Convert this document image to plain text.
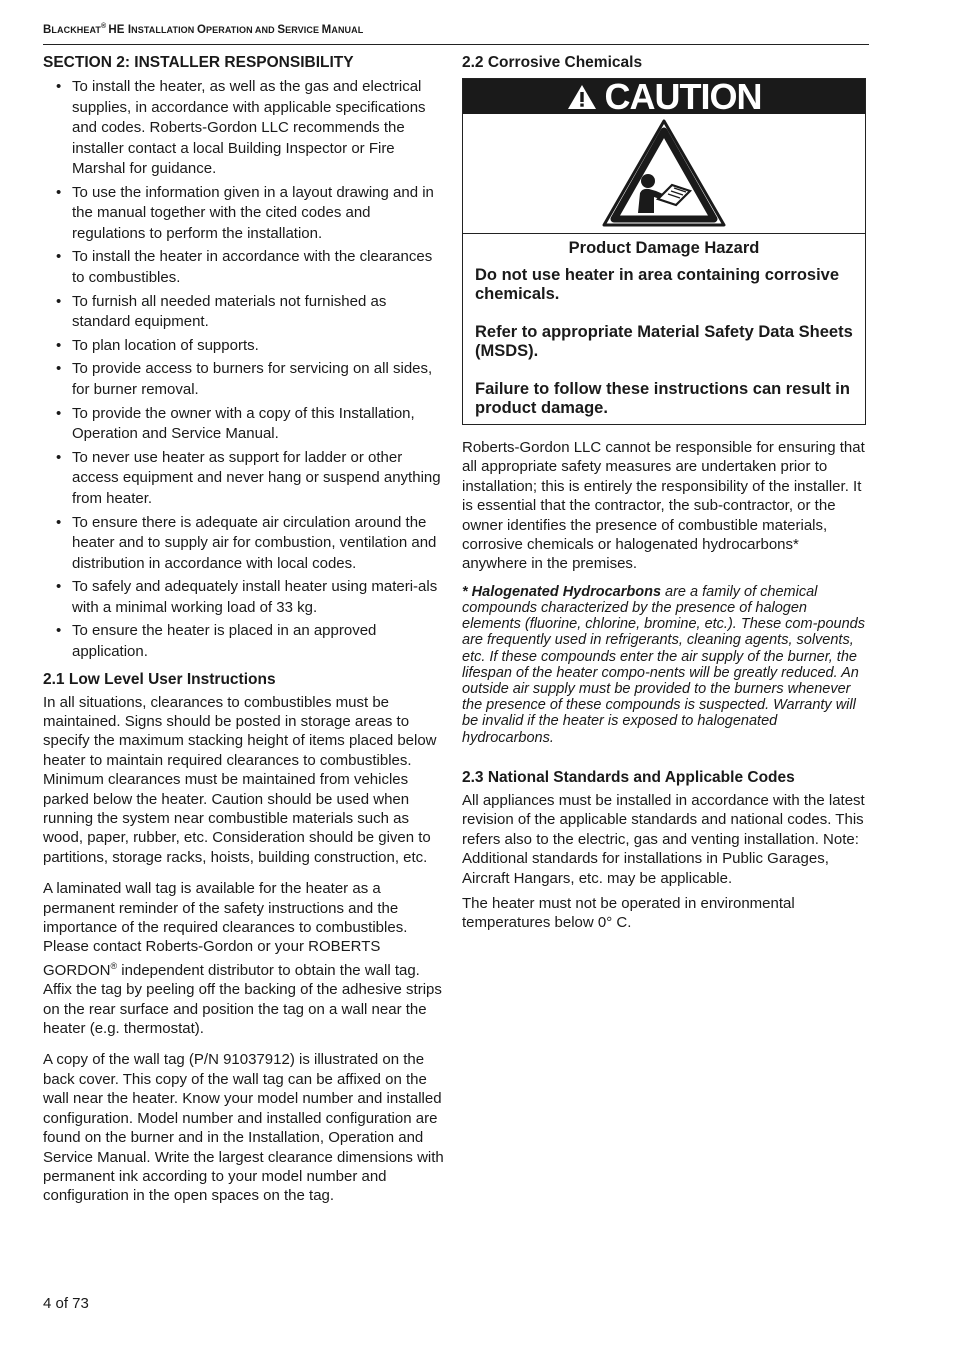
BLACKHEAT® HE INSTALLATION OPERATION AND SERVICE MANUAL
SECTION 2: INSTALLER RESPONSIBILITY
• To install the heater, as well as the gas and electrical supplies, in accordance with applicable specifications and codes. Roberts-Gordon LLC recommends the installer contact a local Building Inspector or Fire Marshal for guidance.
• To use the information given in a layout drawing and in the manual together with the cited codes and regulations to perform the installation.
• To install the heater in accordance with the clearances to combustibles.
• To furnish all needed materials not furnished as standard equipment.
• To plan location of supports.
• To provide access to burners for servicing on all sides, for burner removal.
• To provide the owner with a copy of this Installation, Operation and Service Manual.
• To never use heater as support for ladder or other access equipment and never hang or suspend anything from heater.
• To ensure there is adequate air circulation around the heater and to supply air for combustion, ventilation and distribution in accordance with local codes.
• To safely and adequately install heater using materi-als with a minimal working load of 33 kg.
• To ensure the heater is placed in an approved application.
2.1 Low Level User Instructions

In all situations, clearances to combustibles must be maintained. Signs should be posted in storage areas to specify the maximum stacking height of items placed below heater to maintain required clearances to combustibles. Minimum clearances must be maintained from vehicles parked below the heater. Caution should be used when running the system near combustible materials such as wood, paper, rubber, etc. Consideration should be given to partitions, storage racks, hoists, building construction, etc.

A laminated wall tag is available for the heater as a permanent reminder of the safety instructions and the importance of the required clearances to combustibles. Please contact Roberts-Gordon or your ROBERTS GORDON® independent distributor to obtain the wall tag. Affix the tag by peeling off the backing of the adhesive strips on the rear surface and position the tag on a wall near the heater (e.g. thermostat).

A copy of the wall tag (P/N 91037912) is illustrated on the back cover. This copy of the wall tag can be affixed on the wall near the heater. Know your model number and installed configuration. Model number and installed configuration are found on the burner and in the Installation, Operation and Service Manual. Write the largest clearance dimensions with permanent ink according to your model number and configuration in the open spaces on the tag.

2.2 Corrosive Chemicals
CAUTION
Product Damage Hazard
Do not use heater in area containing corrosive chemicals.
Refer to appropriate Material Safety Data Sheets (MSDS).
Failure to follow these instructions can result in product damage.

Roberts-Gordon LLC cannot be responsible for ensuring that all appropriate safety measures are undertaken prior to installation; this is entirely the responsibility of the installer. It is essential that the contractor, the sub-contractor, or the owner identifies the presence of combustible materials, corrosive chemicals or halogenated hydrocarbons* anywhere in the premises.

* Halogenated Hydrocarbons are a family of chemical compounds characterized by the presence of halogen elements (fluorine, chlorine, bromine, etc.). These com-pounds are frequently used in refrigerants, cleaning agents, solvents, etc. If these compounds enter the air supply of the burner, the lifespan of the heater compo-nents will be greatly reduced. An outside air supply must be provided to the burners whenever the presence of these compounds is suspected. Warranty will be invalid if the heater is exposed to halogenated hydrocarbons.

2.3 National Standards and Applicable Codes

All appliances must be installed in accordance with the latest revision of the applicable standards and national codes. This refers also to the electric, gas and venting installation. Note: Additional standards for installations in Public Garages, Aircraft Hangars, etc. may be applicable.

The heater must not be operated in environmental temperatures below 0° C.

4 of 73
